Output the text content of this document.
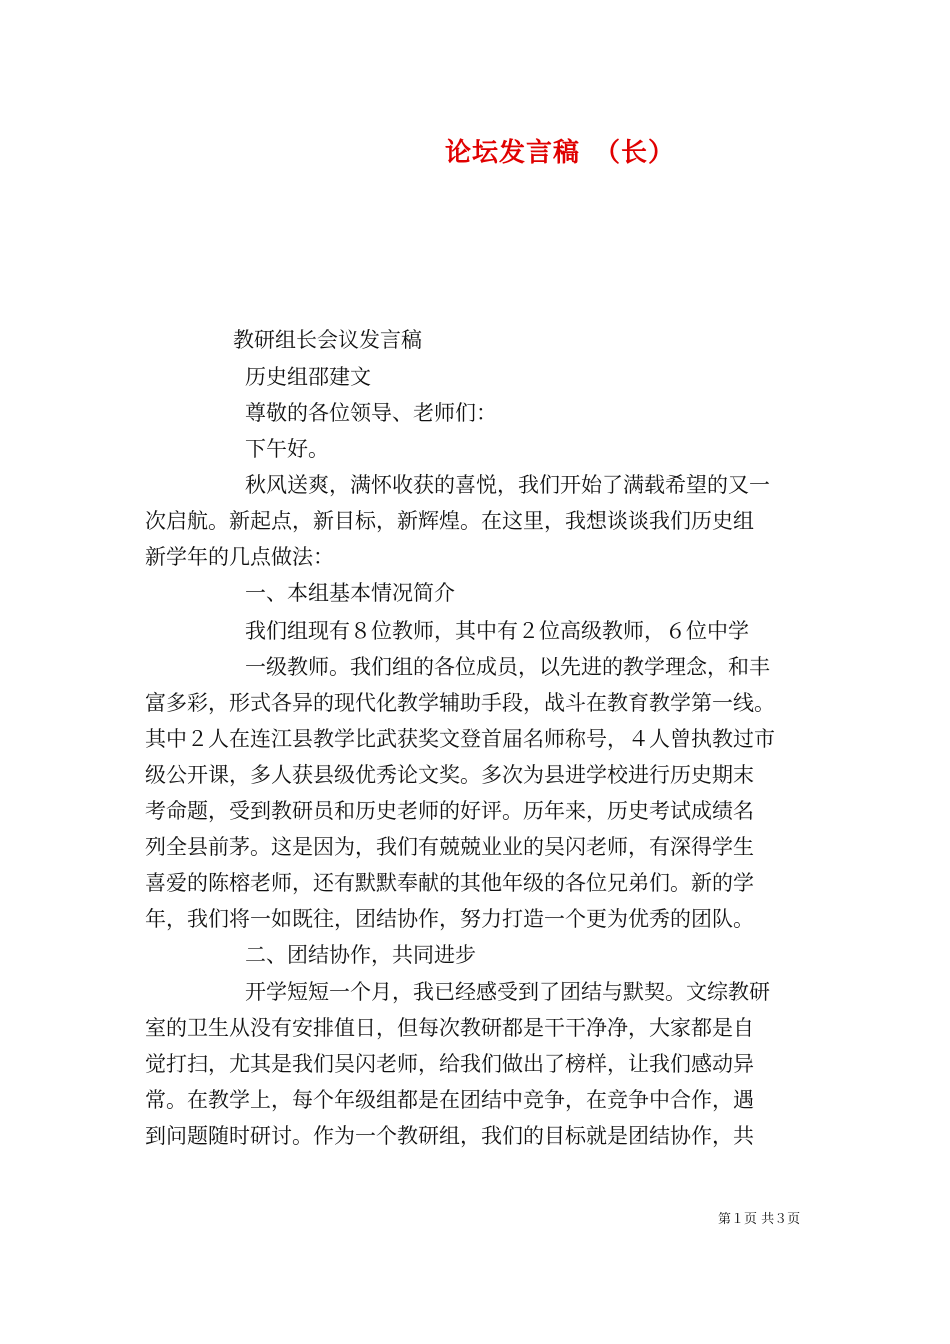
论坛发言稿　（长）
教研组长会议发言稿
历史组邵建文
尊敬的各位领导、老师们：
下午好。
秋风送爽，满怀收获的喜悦，我们开始了满载希望的又一
次启航。新起点，新目标，新辉煌。在这里，我想谈谈我们历史组
新学年的几点做法：
一、本组基本情况简介
我们组现有８位教师，其中有２位高级教师，６位中学
一级教师。我们组的各位成员，以先进的教学理念，和丰
富多彩，形式各异的现代化教学辅助手段，战斗在教育教学第一线。
其中２人在连江县教学比武获奖文登首届名师称号，４人曾执教过市
级公开课，多人获县级优秀论文奖。多次为县进学校进行历史期末
考命题，受到教研员和历史老师的好评。历年来，历史考试成绩名
列全县前茅。这是因为，我们有兢兢业业的吴闪老师，有深得学生
喜爱的陈榕老师，还有默默奉献的其他年级的各位兄弟们。新的学
年，我们将一如既往，团结协作，努力打造一个更为优秀的团队。
二、团结协作，共同进步
开学短短一个月，我已经感受到了团结与默契。文综教研
室的卫生从没有安排值日，但每次教研都是干干净净，大家都是自
觉打扫，尤其是我们吴闪老师，给我们做出了榜样，让我们感动异
常。在教学上，每个年级组都是在团结中竞争，在竞争中合作，遇
到问题随时研讨。作为一个教研组，我们的目标就是团结协作，共
第１页 共３页
